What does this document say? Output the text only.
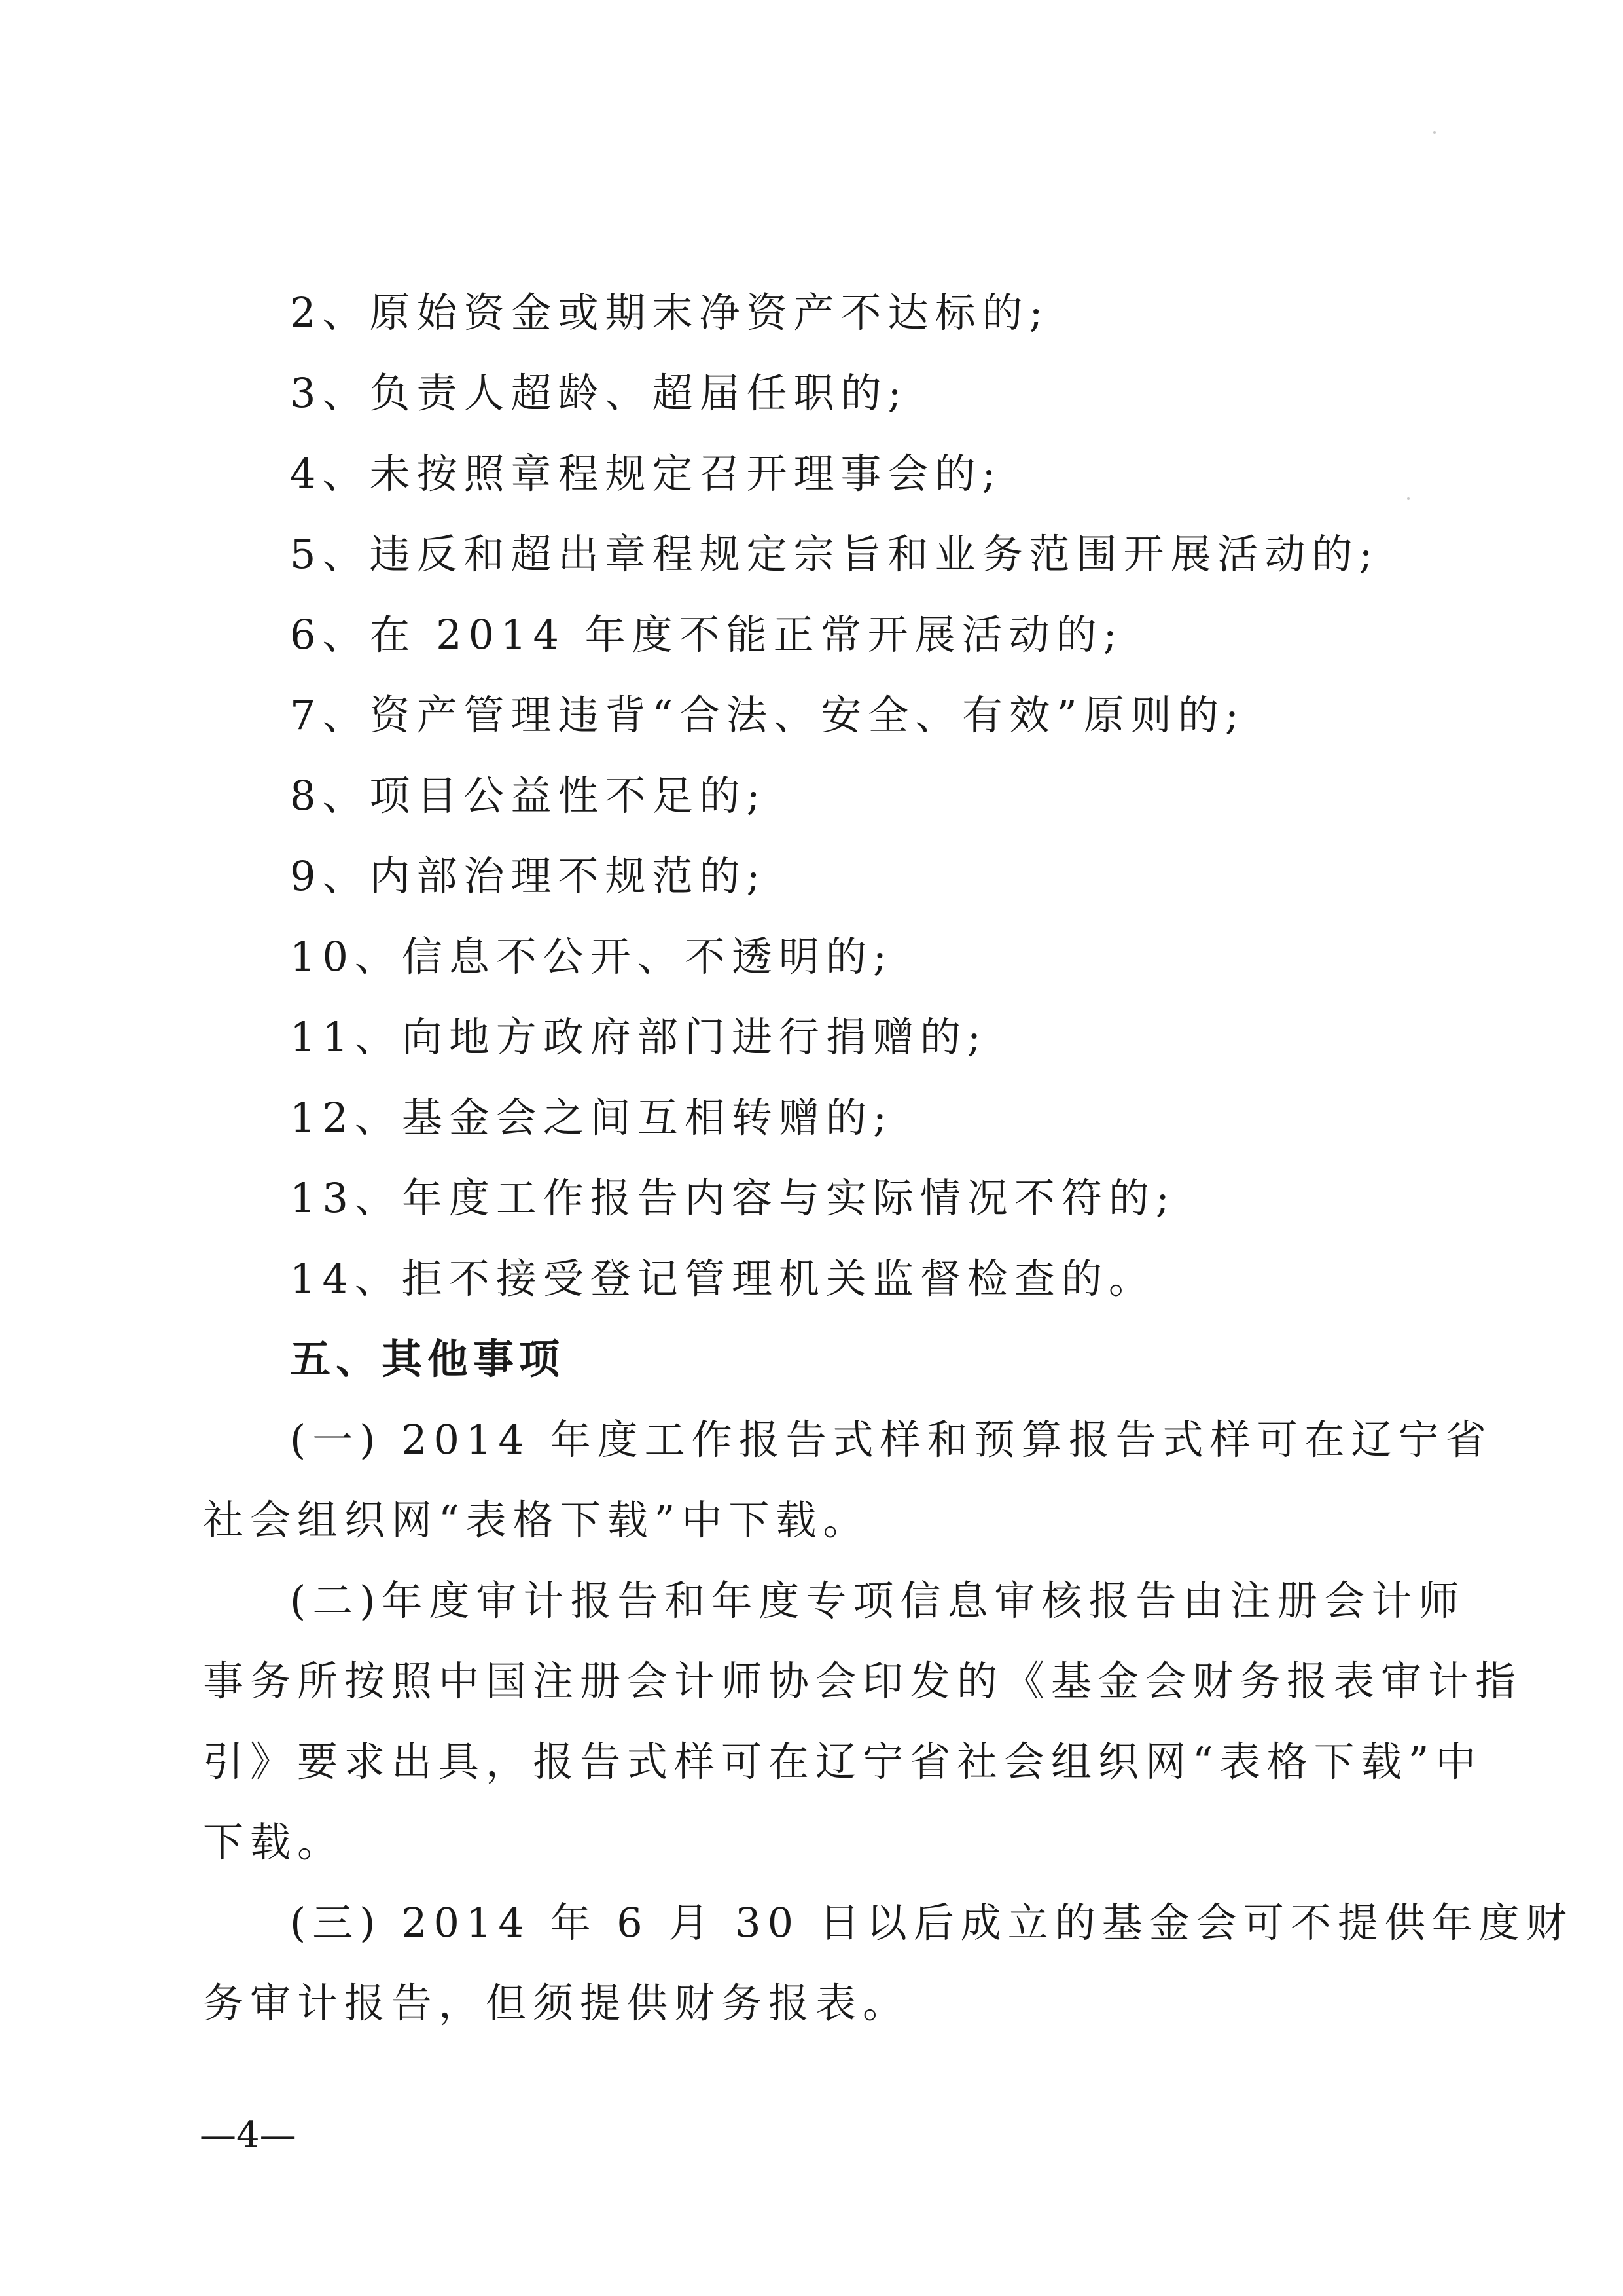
2、原始资金或期末净资产不达标的;
3、负责人超龄、超届任职的;
4、未按照章程规定召开理事会的;
5、违反和超出章程规定宗旨和业务范围开展活动的;
6、在 2014 年度不能正常开展活动的;
7、资产管理违背“合法、安全、有效”原则的;
8、项目公益性不足的;
9、内部治理不规范的;
10、信息不公开、不透明的;
11、向地方政府部门进行捐赠的;
12、基金会之间互相转赠的;
13、年度工作报告内容与实际情况不符的;
14、拒不接受登记管理机关监督检查的。
五、其他事项
(一) 2014 年度工作报告式样和预算报告式样可在辽宁省
社会组织网“表格下载”中下载。
(二)年度审计报告和年度专项信息审核报告由注册会计师
事务所按照中国注册会计师协会印发的《基金会财务报表审计指
引》要求出具，报告式样可在辽宁省社会组织网“表格下载”中
下载。
(三) 2014 年 6 月 30 日以后成立的基金会可不提供年度财
务审计报告，但须提供财务报表。
—4—
